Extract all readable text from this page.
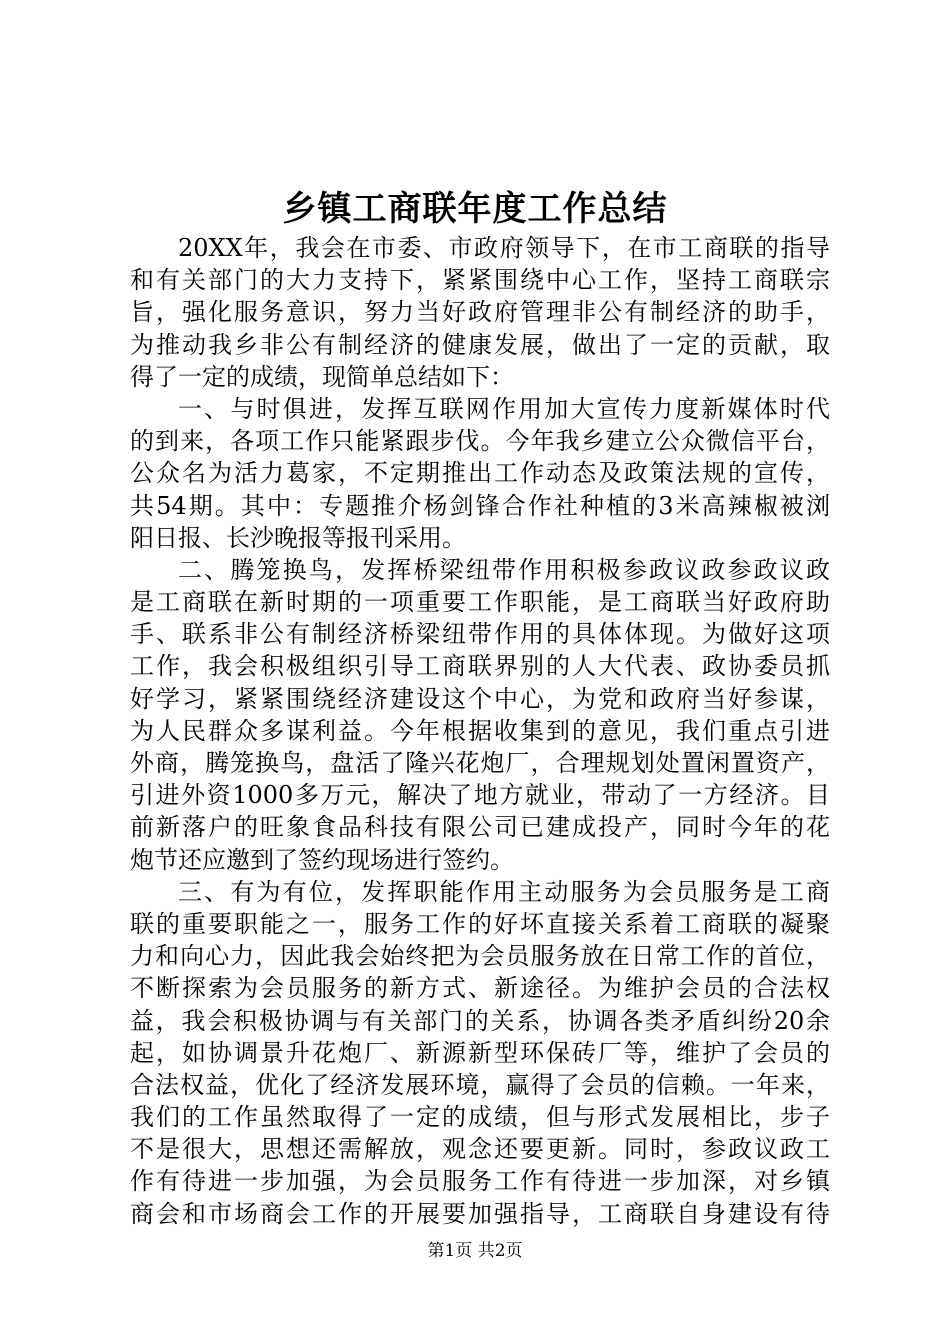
乡镇工商联年度工作总结
20XX年，我会在市委、市政府领导下，在市工商联的指导
和有关部门的大力支持下，紧紧围绕中心工作，坚持工商联宗
旨，强化服务意识，努力当好政府管理非公有制经济的助手，
为推动我乡非公有制经济的健康发展，做出了一定的贡献，取
得了一定的成绩，现简单总结如下：
一、与时俱进，发挥互联网作用加大宣传力度新媒体时代
的到来，各项工作只能紧跟步伐。今年我乡建立公众微信平台，
公众名为活力葛家，不定期推出工作动态及政策法规的宣传，
共54期。其中：专题推介杨剑锋合作社种植的3米高辣椒被浏
阳日报、长沙晚报等报刊采用。
二、腾笼换鸟，发挥桥梁纽带作用积极参政议政参政议政
是工商联在新时期的一项重要工作职能，是工商联当好政府助
手、联系非公有制经济桥梁纽带作用的具体体现。为做好这项
工作，我会积极组织引导工商联界别的人大代表、政协委员抓
好学习，紧紧围绕经济建设这个中心，为党和政府当好参谋，
为人民群众多谋利益。今年根据收集到的意见，我们重点引进
外商，腾笼换鸟，盘活了隆兴花炮厂，合理规划处置闲置资产，
引进外资1000多万元，解决了地方就业，带动了一方经济。目
前新落户的旺象食品科技有限公司已建成投产，同时今年的花
炮节还应邀到了签约现场进行签约。
三、有为有位，发挥职能作用主动服务为会员服务是工商
联的重要职能之一，服务工作的好坏直接关系着工商联的凝聚
力和向心力，因此我会始终把为会员服务放在日常工作的首位，
不断探索为会员服务的新方式、新途径。为维护会员的合法权
益，我会积极协调与有关部门的关系，协调各类矛盾纠纷20余
起，如协调景升花炮厂、新源新型环保砖厂等，维护了会员的
合法权益，优化了经济发展环境，赢得了会员的信赖。一年来，
我们的工作虽然取得了一定的成绩，但与形式发展相比，步子
不是很大，思想还需解放，观念还要更新。同时，参政议政工
作有待进一步加强，为会员服务工作有待进一步加深，对乡镇
商会和市场商会工作的开展要加强指导，工商联自身建设有待
第1页 共2页
